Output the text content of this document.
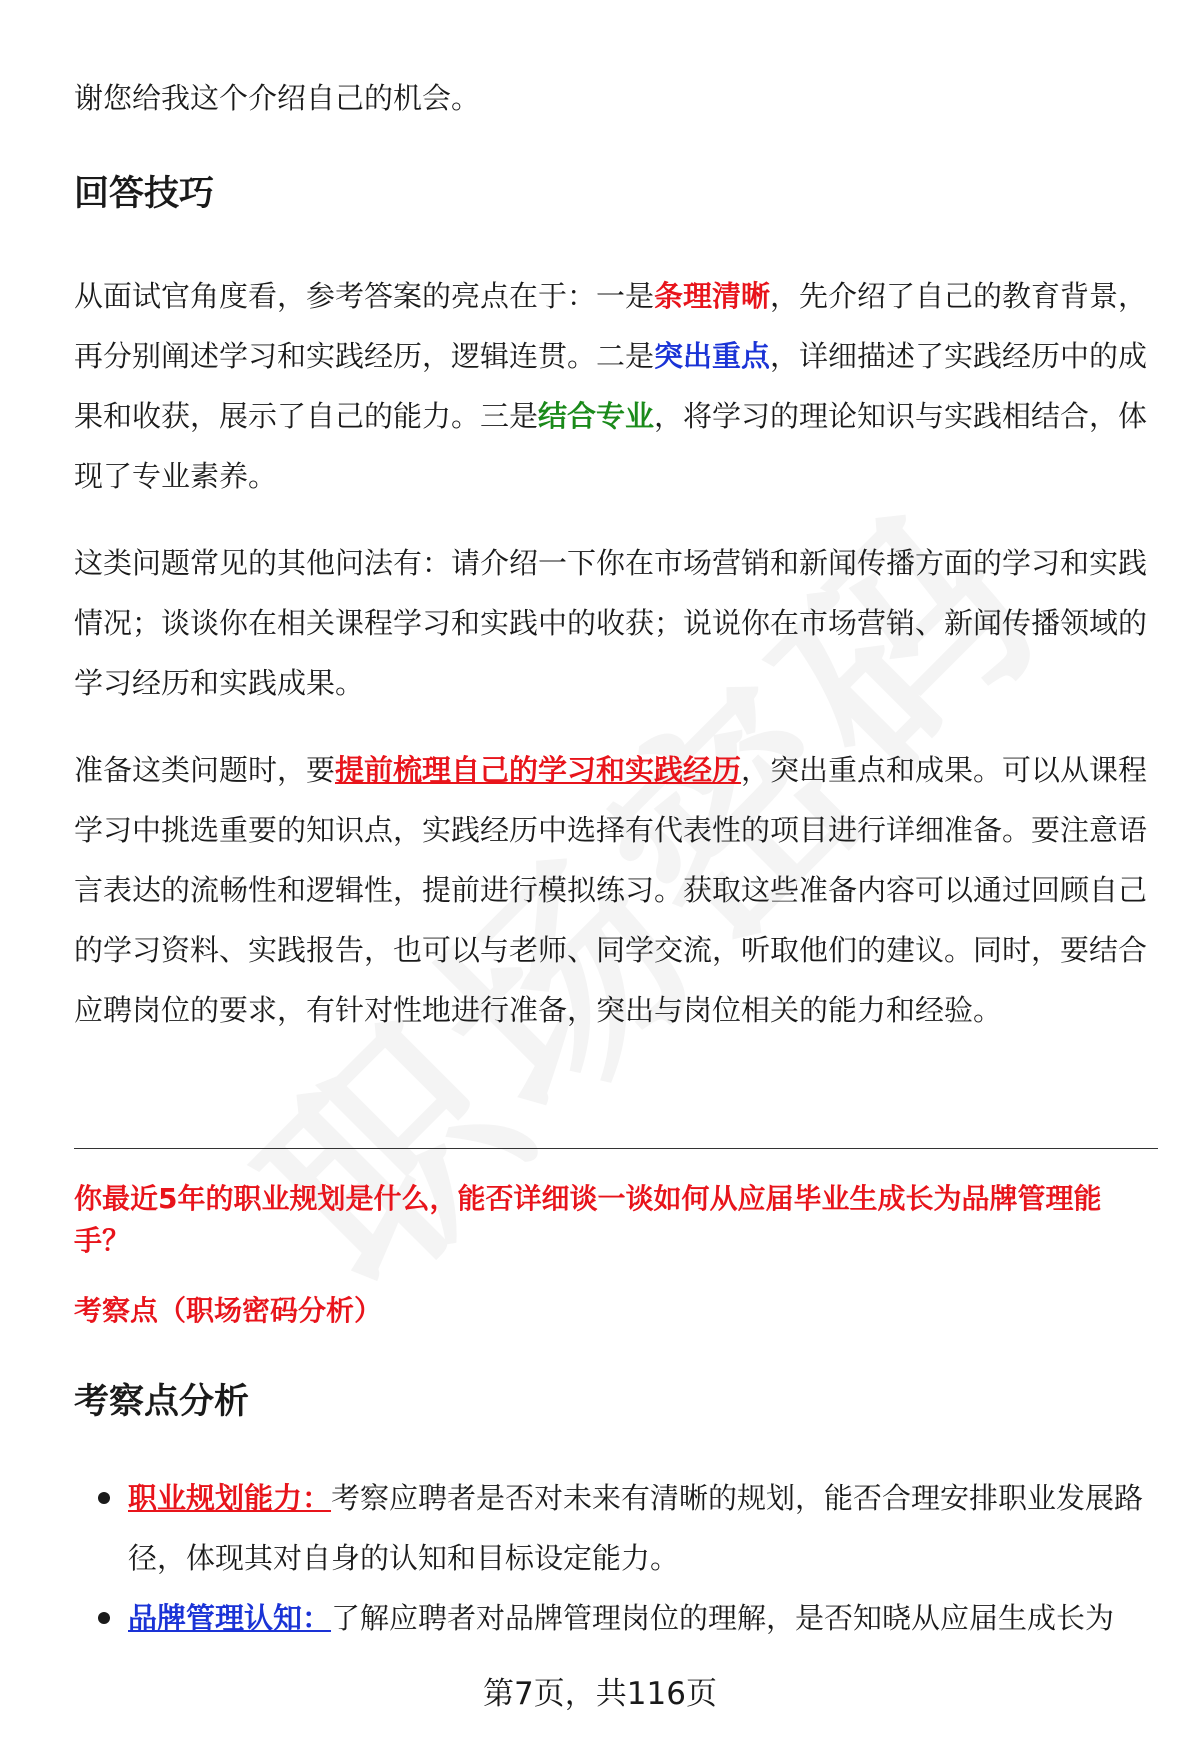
谢您给我这个介绍自己的机会。

回答技巧

从面试官角度看，参考答案的亮点在于：一是条理清晰，先介绍了自己的教育背景，再分别阐述学习和实践经历，逻辑连贯。二是突出重点，详细描述了实践经历中的成果和收获，展示了自己的能力。三是结合专业，将学习的理论知识与实践相结合，体现了专业素养。

这类问题常见的其他问法有：请介绍一下你在市场营销和新闻传播方面的学习和实践情况；谈谈你在相关课程学习和实践中的收获；说说你在市场营销、新闻传播领域的学习经历和实践成果。

准备这类问题时，要提前梳理自己的学习和实践经历，突出重点和成果。可以从课程学习中挑选重要的知识点，实践经历中选择有代表性的项目进行详细准备。要注意语言表达的流畅性和逻辑性，提前进行模拟练习。获取这些准备内容可以通过回顾自己的学习资料、实践报告，也可以与老师、同学交流，听取他们的建议。同时，要结合应聘岗位的要求，有针对性地进行准备，突出与岗位相关的能力和经验。

你最近5年的职业规划是什么，能否详细谈一谈如何从应届毕业生成长为品牌管理能手？

考察点（职场密码分析）

考察点分析
职业规划能力：考察应聘者是否对未来有清晰的规划，能否合理安排职业发展路径，体现其对自身的认知和目标设定能力。
品牌管理认知：了解应聘者对品牌管理岗位的理解，是否知晓从应届生成长为
第7页，共116页
